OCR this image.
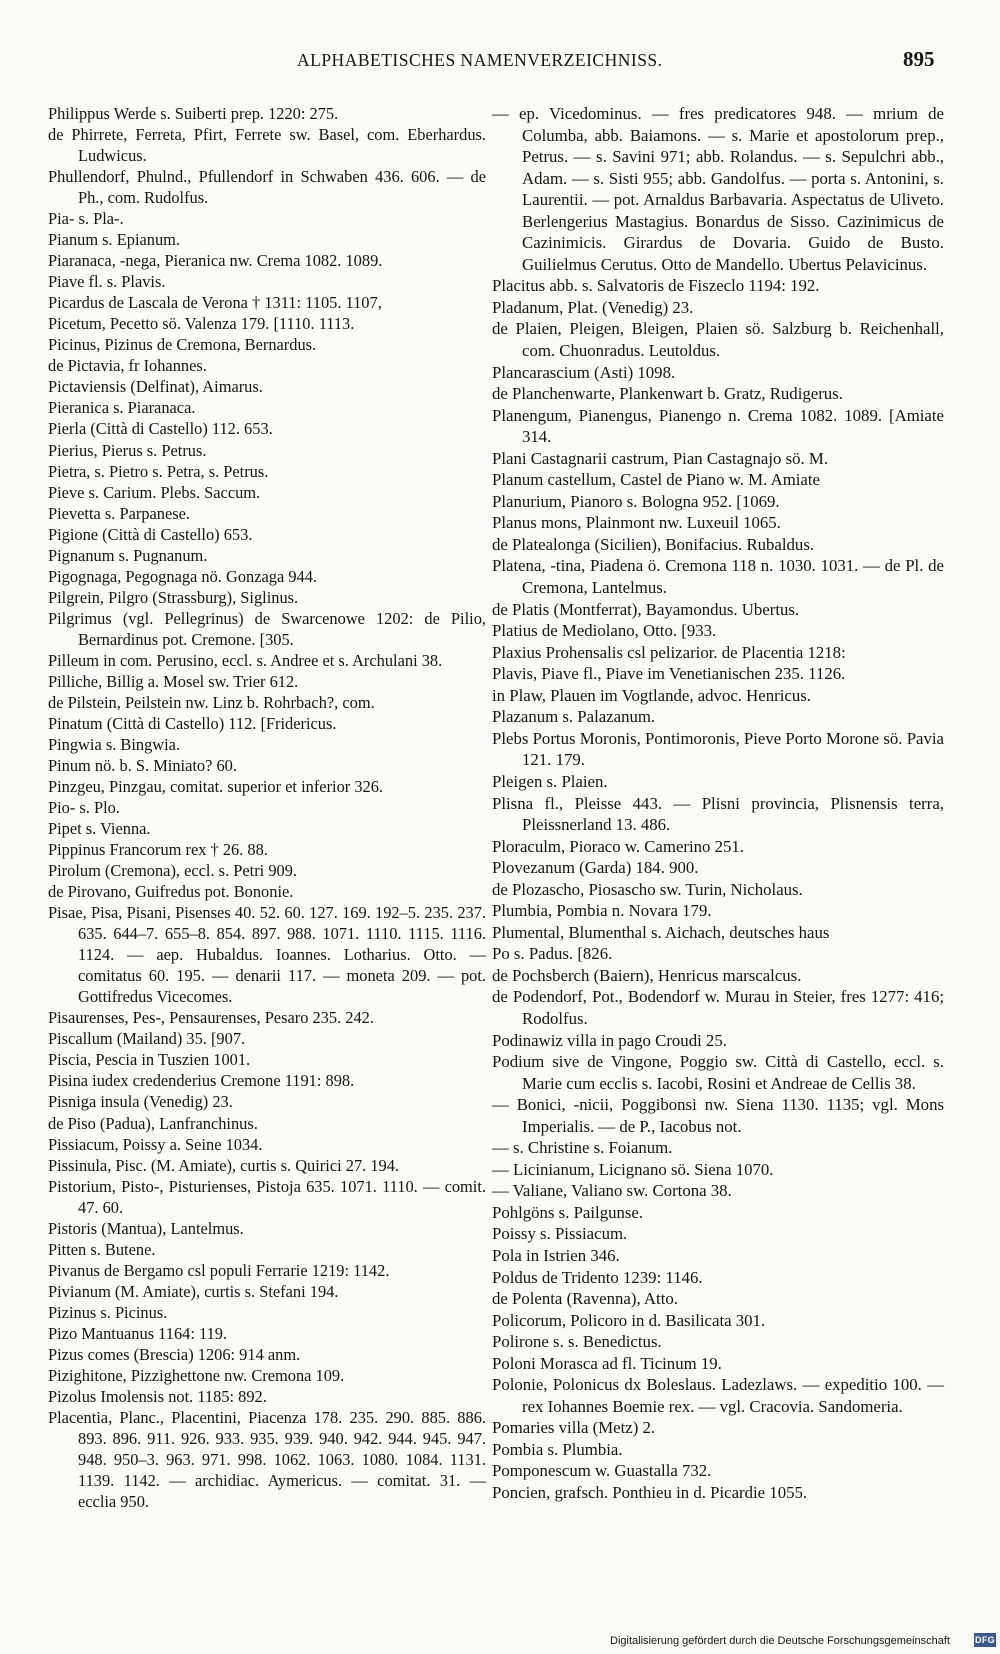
ALPHABETISCHES NAMENVERZEICHNISS.	895

Philippus Werde s. Suiberti prep. 1220: 275.

de Phirrete, Ferreta, Pfirt, Ferrete sw. Basel, com. Eberhardus. Ludwicus.

Phullendorf, Phulnd., Pfullendorf in Schwaben 436. 606. — de Ph., com. Rudolfus.

Pia- s. Pla-.

Pianum s. Epianum.

Piaranaca, -nega, Pieranica nw. Crema 1082. 1089.

Piave fl. s. Plavis.

Picardus de Lascala de Verona † 1311: 1105. 1107,

Picetum, Pecetto sö. Valenza 179. [1110. 1113.

Picinus, Pizinus de Cremona, Bernardus.

de Pictavia, fr Iohannes.

Pictaviensis (Delfinat), Aimarus.

Pieranica s. Piaranaca.

Pierla (Città di Castello) 112. 653.

Pierius, Pierus s. Petrus.

Pietra, s. Pietro s. Petra, s. Petrus.

Pieve s. Carium. Plebs. Saccum.

Pievetta s. Parpanese.

Pigione (Città di Castello) 653.

Pignanum s. Pugnanum.

Pigognaga, Pegognaga nö. Gonzaga 944.

Pilgrein, Pilgro (Strassburg), Siglinus.

Pilgrimus (vgl. Pellegrinus) de Swarcenowe 1202: de Pilio, Bernardinus pot. Cremone. [305.

Pilleum in com. Perusino, eccl. s. Andree et s. Archulani 38.

Pilliche, Billig a. Mosel sw. Trier 612.

de Pilstein, Peilstein nw. Linz b. Rohrbach?, com.

Pinatum (Città di Castello) 112. [Fridericus.

Pingwia s. Bingwia.

Pinum nö. b. S. Miniato? 60.

Pinzgeu, Pinzgau, comitat. superior et inferior 326.

Pio- s. Plo.

Pipet s. Vienna.

Pippinus Francorum rex † 26. 88.

Pirolum (Cremona), eccl. s. Petri 909.

de Pirovano, Guifredus pot. Bononie.

Pisae, Pisa, Pisani, Pisenses 40. 52. 60. 127. 169. 192–5. 235. 237. 635. 644–7. 655–8. 854. 897. 988. 1071. 1110. 1115. 1116. 1124. — aep. Hubaldus. Ioannes. Lotharius. Otto. — comitatus 60. 195. — denarii 117. — moneta 209. — pot. Gottifredus Vicecomes.

Pisaurenses, Pes-, Pensaurenses, Pesaro 235. 242.

Piscallum (Mailand) 35. [907.

Piscia, Pescia in Tuszien 1001.

Pisina iudex credenderius Cremone 1191: 898.

Pisniga insula (Venedig) 23.

de Piso (Padua), Lanfranchinus.

Pissiacum, Poissy a. Seine 1034.

Pissinula, Pisc. (M. Amiate), curtis s. Quirici 27. 194.

Pistorium, Pisto-, Pisturienses, Pistoja 635. 1071. 1110. — comit. 47. 60.

Pistoris (Mantua), Lantelmus.

Pitten s. Butene.

Pivanus de Bergamo csl populi Ferrarie 1219: 1142.

Pivianum (M. Amiate), curtis s. Stefani 194.

Pizinus s. Picinus.

Pizo Mantuanus 1164: 119.

Pizus comes (Brescia) 1206: 914 anm.

Pizighitone, Pizzighettone nw. Cremona 109.

Pizolus Imolensis not. 1185: 892.

Placentia, Planc., Placentini, Piacenza 178. 235. 290. 885. 886. 893. 896. 911. 926. 933. 935. 939. 940. 942. 944. 945. 947. 948. 950–3. 963. 971. 998. 1062. 1063. 1080. 1084. 1131. 1139. 1142. — archidiac. Aymericus. — comitat. 31. — ecclia 950.

— ep. Vicedominus. — fres predicatores 948. — mrium de Columba, abb. Baiamons. — s. Marie et apostolorum prep., Petrus. — s. Savini 971; abb. Rolandus. — s. Sepulchri abb., Adam. — s. Sisti 955; abb. Gandolfus. — porta s. Antonini, s. Laurentii. — pot. Arnaldus Barbavaria. Aspectatus de Uliveto. Berlengerius Mastagius. Bonardus de Sisso. Cazinimicus de Cazinimicis. Girardus de Dovaria. Guido de Busto. Guilielmus Cerutus. Otto de Mandello. Ubertus Pelavicinus.

Placitus abb. s. Salvatoris de Fiszeclo 1194: 192.

Pladanum, Plat. (Venedig) 23.

de Plaien, Pleigen, Bleigen, Plaien sö. Salzburg b. Reichenhall, com. Chuonradus. Leutoldus.

Plancarascium (Asti) 1098.

de Planchenwarte, Plankenwart b. Gratz, Rudigerus.

Planengum, Pianengus, Pianengo n. Crema 1082. 1089. [Amiate 314.

Plani Castagnarii castrum, Pian Castagnajo sö. M.

Planum castellum, Castel de Piano w. M. Amiate

Planurium, Pianoro s. Bologna 952. [1069.

Planus mons, Plainmont nw. Luxeuil 1065.

de Platealonga (Sicilien), Bonifacius. Rubaldus.

Platena, -tina, Piadena ö. Cremona 118 n. 1030. 1031. — de Pl. de Cremona, Lantelmus.

de Platis (Montferrat), Bayamondus. Ubertus.

Platius de Mediolano, Otto. [933.

Plaxius Prohensalis csl pelizarior. de Placentia 1218:

Plavis, Piave fl., Piave im Venetianischen 235. 1126.

in Plaw, Plauen im Vogtlande, advoc. Henricus.

Plazanum s. Palazanum.

Plebs Portus Moronis, Pontimoronis, Pieve Porto Morone sö. Pavia 121. 179.

Pleigen s. Plaien.

Plisna fl., Pleisse 443. — Plisni provincia, Plisnensis terra, Pleissnerland 13. 486.

Ploraculm, Pioraco w. Camerino 251.

Plovezanum (Garda) 184. 900.

de Plozascho, Piosascho sw. Turin, Nicholaus.

Plumbia, Pombia n. Novara 179.

Plumental, Blumenthal s. Aichach, deutsches haus

Po s. Padus. [826.

de Pochsberch (Baiern), Henricus marscalcus.

de Podendorf, Pot., Bodendorf w. Murau in Steier, fres 1277: 416; Rodolfus.

Podinawiz villa in pago Croudi 25.

Podium sive de Vingone, Poggio sw. Città di Castello, eccl. s. Marie cum ecclis s. Iacobi, Rosini et Andreae de Cellis 38.

— Bonici, -nicii, Poggibonsi nw. Siena 1130. 1135; vgl. Mons Imperialis. — de P., Iacobus not.

— s. Christine s. Foianum.

— Licinianum, Licignano sö. Siena 1070.

— Valiane, Valiano sw. Cortona 38.

Pohlgöns s. Pailgunse.

Poissy s. Pissiacum.

Pola in Istrien 346.

Poldus de Tridento 1239: 1146.

de Polenta (Ravenna), Atto.

Policorum, Policoro in d. Basilicata 301.

Polirone s. s. Benedictus.

Poloni Morasca ad fl. Ticinum 19.

Polonie, Polonicus dx Boleslaus. Ladezlaws. — expeditio 100. — rex Iohannes Boemie rex. — vgl. Cracovia. Sandomeria.

Pomaries villa (Metz) 2.

Pombia s. Plumbia.

Pomponescum w. Guastalla 732.

Poncien, grafsch. Ponthieu in d. Picardie 1055.

Digitalisierung gefördert durch die Deutsche Forschungsgemeinschaft	DFG
